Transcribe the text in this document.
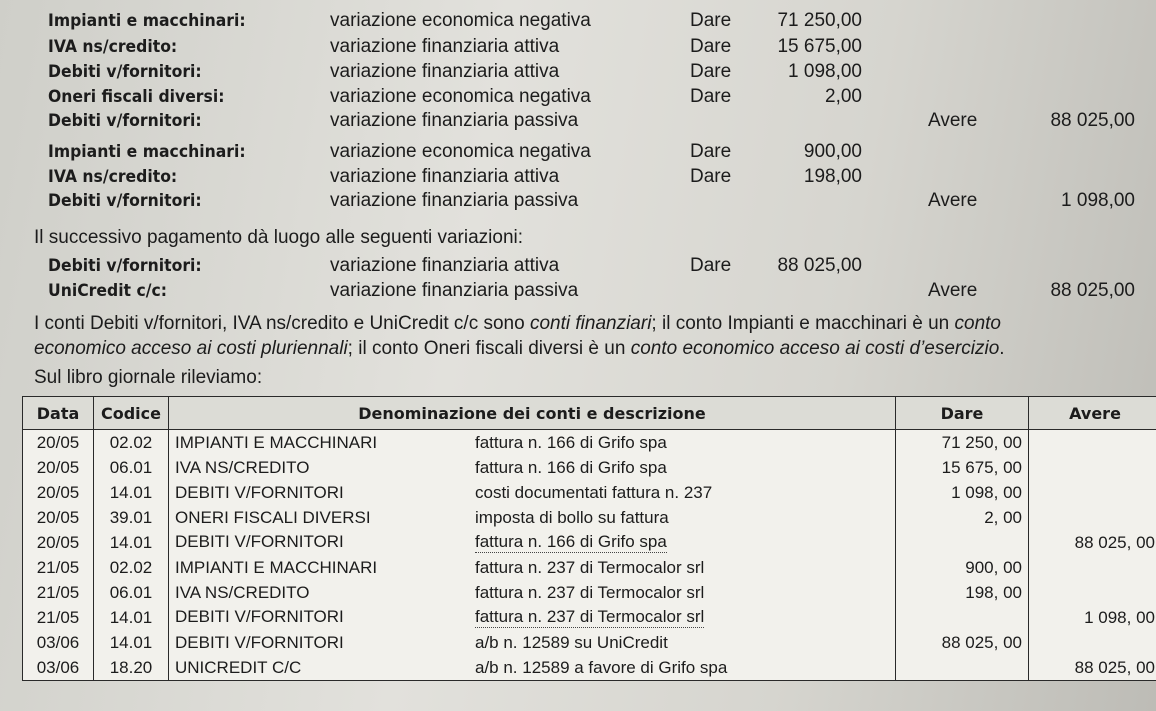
Impianti e macchinari:	variazione economica negativa	Dare	71 250,00
IVA ns/credito:	variazione finanziaria attiva	Dare	15 675,00
Debiti v/fornitori:	variazione finanziaria attiva	Dare	1 098,00
Oneri fiscali diversi:	variazione economica negativa	Dare	2,00
Debiti v/fornitori:	variazione finanziaria passiva	Avere	88 025,00
Impianti e macchinari:	variazione economica negativa	Dare	900,00
IVA ns/credito:	variazione finanziaria attiva	Dare	198,00
Debiti v/fornitori:	variazione finanziaria passiva	Avere	1 098,00
Il successivo pagamento dà luogo alle seguenti variazioni:
Debiti v/fornitori:	variazione finanziaria attiva	Dare	88 025,00
UniCredit c/c:	variazione finanziaria passiva	Avere	88 025,00
I conti Debiti v/fornitori, IVA ns/credito e UniCredit c/c sono conti finanziari; il conto Impianti e macchinari è un conto
economico acceso ai costi pluriennali; il conto Oneri fiscali diversi è un conto economico acceso ai costi d’esercizio.
Sul libro giornale rileviamo:
Data	Codice	Denominazione dei conti e descrizione	Dare	Avere
20/05	02.02	IMPIANTI E MACCHINARI fattura n. 166 di Grifo spa	71 250, 00	
20/05	06.01	IVA NS/CREDITO fattura n. 166 di Grifo spa	15 675, 00	
20/05	14.01	DEBITI V/FORNITORI costi documentati fattura n. 237	1 098, 00	
20/05	39.01	ONERI FISCALI DIVERSI imposta di bollo su fattura	2, 00	
20/05	14.01	DEBITI V/FORNITORI fattura n. 166 di Grifo spa		88 025, 00
21/05	02.02	IMPIANTI E MACCHINARI fattura n. 237 di Termocalor srl	900, 00	
21/05	06.01	IVA NS/CREDITO fattura n. 237 di Termocalor srl	198, 00	
21/05	14.01	DEBITI V/FORNITORI fattura n. 237 di Termocalor srl		1 098, 00
03/06	14.01	DEBITI V/FORNITORI a/b n. 12589 su UniCredit	88 025, 00	
03/06	18.20	UNICREDIT C/C a/b n. 12589 a favore di Grifo spa		88 025, 00
